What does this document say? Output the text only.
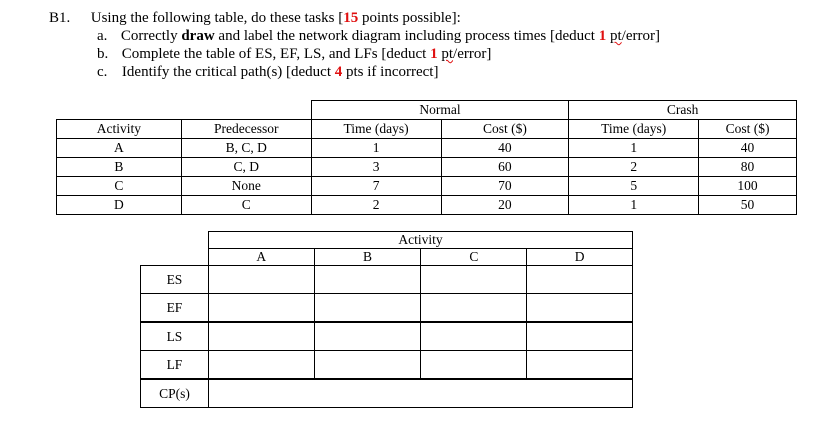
B1. Using the following table, do these tasks [15 points possible]:
a. Correctly draw and label the network diagram including process times [deduct 1 pt/error]
b. Complete the table of ES, EF, LS, and LFs [deduct 1 pt/error]
c. Identify the critical path(s) [deduct 4 pts if incorrect]
		Normal		Crash	
Activity	Predecessor	Time (days)	Cost ($)	Time (days)	Cost ($)
A	B, C, D	1	40	1	40
B	C, D	3	60	2	80
C	None	7	70	5	100
D	C	2	20	1	50
	Activity			
	A	B	C	D
ES				
EF				
LS				
LF				
CP(s)				
